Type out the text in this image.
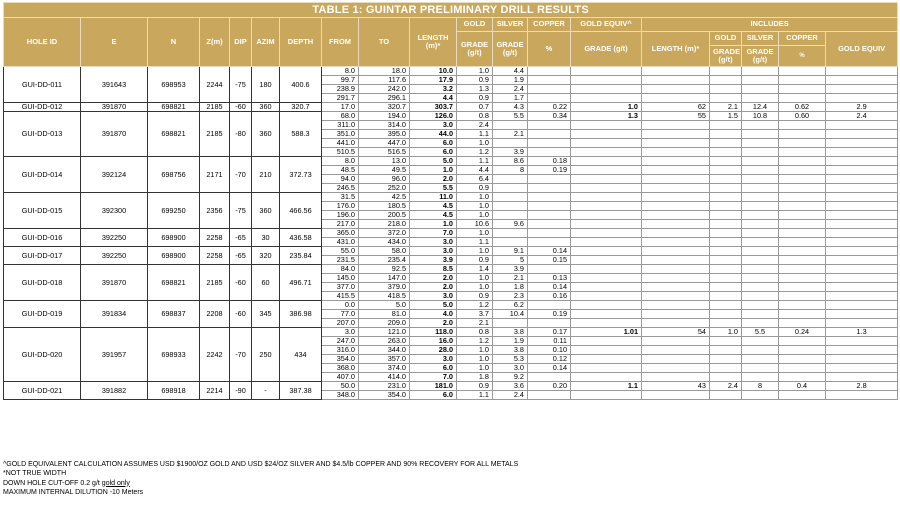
TABLE 1: GUINTAR PRELIMINARY DRILL RESULTS																		
HOLE ID	E	N	Z(m)	DIP	AZIM	DEPTH	FROM	TO	LENGTH (m)*	GOLD	SILVER	COPPER	GOLD EQUIV^	INCLUDES				
										GRADE (g/t)	GRADE (g/t)	%	GRADE (g/t)	LENGTH (m)*	GOLD	SILVER	COPPER	GOLD EQUIV
															GRADE (g/t)	GRADE (g/t)	%	
GUI-DD-011	391643	698953	2244	-75	180	400.6	8.0	18.0	10.0	1.0	4.4							
							99.7	117.6	17.9	0.9	1.9							
							238.9	242.0	3.2	1.3	2.4							
							291.7	296.1	4.4	0.9	1.7							
GUI-DD-012	391870	698821	2185	-60	360	320.7	17.0	320.7	303.7	0.7	4.3	0.22	1.0	62	2.1	12.4	0.62	2.9
GUI-DD-013	391870	698821	2185	-80	360	588.3	68.0	194.0	126.0	0.8	5.5	0.34	1.3	55	1.5	10.8	0.60	2.4
							311.0	314.0	3.0	2.4								
							351.0	395.0	44.0	1.1	2.1							
							441.0	447.0	6.0	1.0								
							510.5	516.5	6.0	1.2	3.9							
GUI-DD-014	392124	698756	2171	-70	210	372.73	8.0	13.0	5.0	1.1	8.6	0.18						
							48.5	49.5	1.0	4.4	8	0.19						
							94.0	96.0	2.0	6.4								
							246.5	252.0	5.5	0.9								
GUI-DD-015	392300	699250	2356	-75	360	466.56	31.5	42.5	11.0	1.0								
							176.0	180.5	4.5	1.0								
							196.0	200.5	4.5	1.0								
							217.0	218.0	1.0	10.6	9.6							
GUI-DD-016	392250	698900	2258	-65	30	436.58	365.0	372.0	7.0	1.0								
							431.0	434.0	3.0	1.1								
GUI-DD-017	392250	698900	2258	-65	320	235.84	55.0	58.0	3.0	1.0	9.1	0.14						
							231.5	235.4	3.9	0.9	5	0.15						
GUI-DD-018	391870	698821	2185	-60	60	496.71	84.0	92.5	8.5	1.4	3.9							
							145.0	147.0	2.0	1.0	2.1	0.13						
							377.0	379.0	2.0	1.0	1.8	0.14						
							415.5	418.5	3.0	0.9	2.3	0.16						
GUI-DD-019	391834	698837	2208	-60	345	386.98	0.0	5.0	5.0	1.2	6.2							
							77.0	81.0	4.0	3.7	10.4	0.19						
							207.0	209.0	2.0	2.1								
GUI-DD-020	391957	698933	2242	-70	250	434	3.0	121.0	118.0	0.8	3.8	0.17	1.01	54	1.0	5.5	0.24	1.3
							247.0	263.0	16.0	1.2	1.9	0.11						
							316.0	344.0	28.0	1.0	3.8	0.10						
							354.0	357.0	3.0	1.0	5.3	0.12						
							368.0	374.0	6.0	1.0	3.0	0.14						
							407.0	414.0	7.0	1.8	9.2							
GUI-DD-021	391882	698918	2214	-90	-	387.38	50.0	231.0	181.0	0.9	3.6	0.20	1.1	43	2.4	8	0.4	2.8
							348.0	354.0	6.0	1.1	2.4							
^GOLD EQUIVALENT CALCULATION ASSUMES USD $1900/OZ GOLD AND USD $24/OZ SILVER AND $4.5/lb COPPER AND 90% RECOVERY FOR ALL METALS
*NOT TRUE WIDTH
DOWN HOLE CUT-OFF 0.2 g/t gold only
MAXIMUM INTERNAL DILUTION -10 Meters
